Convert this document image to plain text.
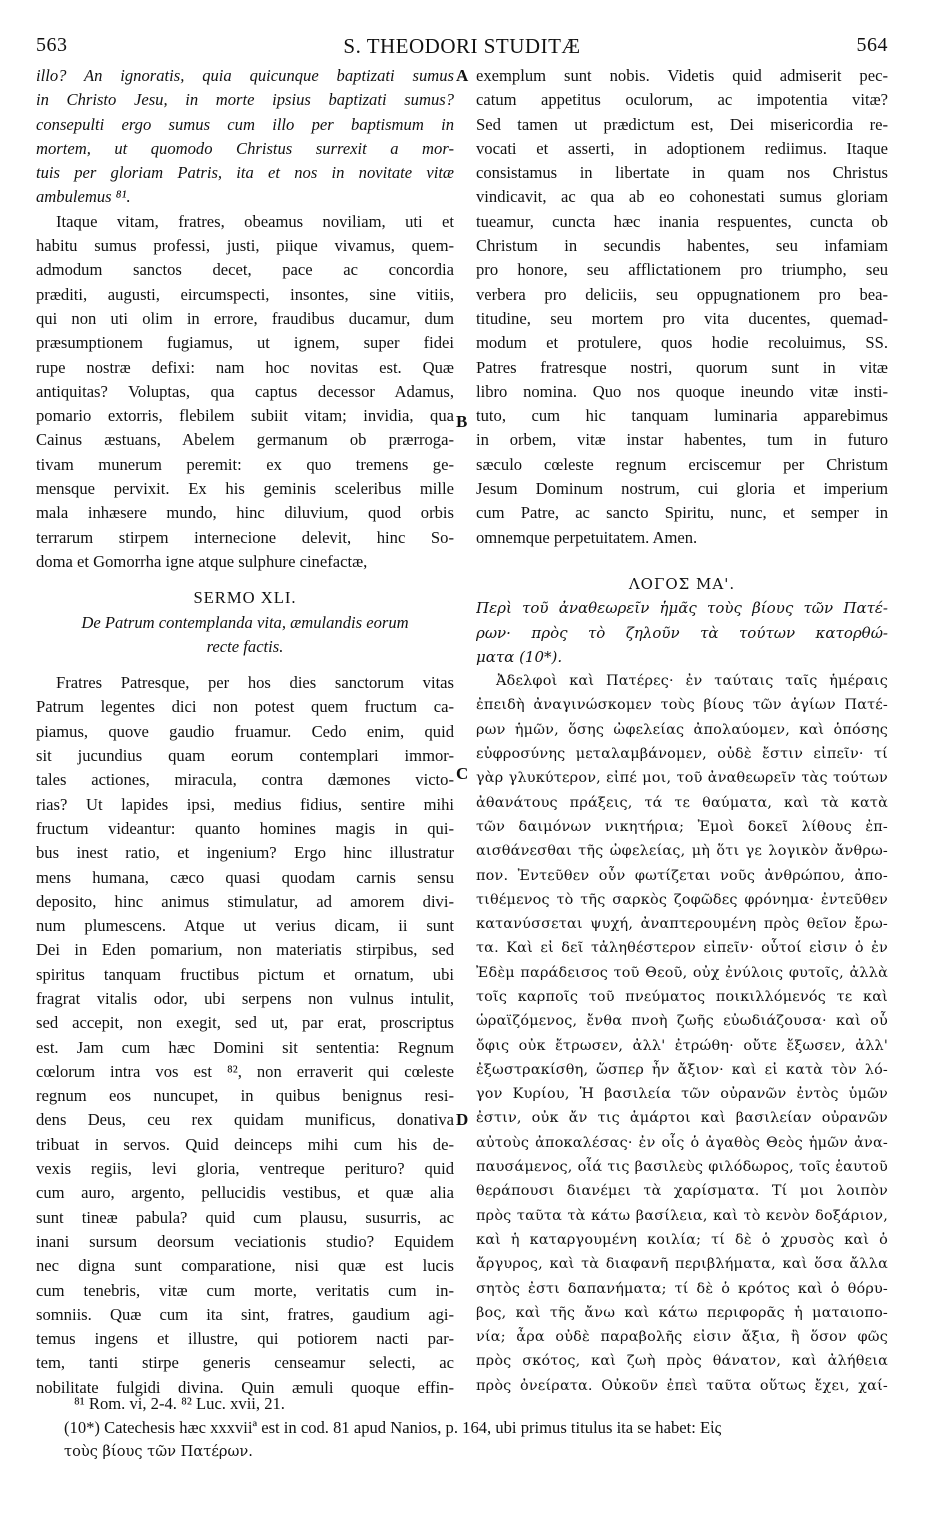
563	S. THEODORI STUDITÆ	564
A
B
C
D
illo? An ignoratis, quia quicunque baptizati sumus
in Christo Jesu, in morte ipsius baptizati sumus?
consepulti ergo sumus cum illo per baptismum in
mortem, ut quomodo Christus surrexit a mor-
tuis per gloriam Patris, ita et nos in novitate vitæ
ambulemus ⁸¹.
Itaque vitam, fratres, obeamus noviliam, uti et
habitu sumus professi, justi, piique vivamus, quem-
admodum sanctos decet, pace ac concordia
præditi, augusti, eircumspecti, insontes, sine vitiis,
qui non uti olim in errore, fraudibus ducamur, dum
præsumptionem fugiamus, ut ignem, super fidei
rupe nostræ defixi: nam hoc novitas est. Quæ
antiquitas? Voluptas, qua captus decessor Adamus,
pomario extorris, flebilem subiit vitam; invidia, qua
Cainus æstuans, Abelem germanum ob prærroga-
tivam munerum peremit: ex quo tremens ge-
mensque pervixit. Ex his geminis sceleribus mille
mala inhæsere mundo, hinc diluvium, quod orbis
terrarum stirpem internecione delevit, hinc So-
doma et Gomorrha igne atque sulphure cinefactæ,
SERMO XLI.
De Patrum contemplanda vita, æmulandis eorum
recte factis.
Fratres Patresque, per hos dies sanctorum vitas
Patrum legentes dici non potest quem fructum ca-
piamus, quove gaudio fruamur. Cedo enim, quid
sit jucundius quam eorum contemplari immor-
tales actiones, miracula, contra dæmones victo-
rias? Ut lapides ipsi, medius fidius, sentire mihi
fructum videantur: quanto homines magis in qui-
bus inest ratio, et ingenium? Ergo hinc illustratur
mens humana, cæco quasi quodam carnis sensu
deposito, hinc animus stimulatur, ad amorem divi-
num plumescens. Atque ut verius dicam, ii sunt
Dei in Eden pomarium, non materiatis stirpibus, sed
spiritus tanquam fructibus pictum et ornatum, ubi
fragrat vitalis odor, ubi serpens non vulnus intulit,
sed accepit, non exegit, sed ut, par erat, proscriptus
est. Jam cum hæc Domini sit sententia: Regnum
cœlorum intra vos est ⁸², non erraverit qui cœleste
regnum eos nuncupet, in quibus benignus resi-
dens Deus, ceu rex quidam munificus, donativa
tribuat in servos. Quid deinceps mihi cum his de-
vexis regiis, levi gloria, ventreque perituro? quid
cum auro, argento, pellucidis vestibus, et quæ alia
sunt tineæ pabula? quid cum plausu, susurris, ac
inani sursum deorsum veciationis studio? Equidem
nec digna sunt comparatione, nisi quæ est lucis
cum tenebris, vitæ cum morte, veritatis cum in-
somniis. Quæ cum ita sint, fratres, gaudium agi-
temus ingens et illustre, qui potiorem nacti par-
tem, tanti stirpe generis censeamur selecti, ac
nobilitate fulgidi divina. Quin æmuli quoque effin-
exemplum sunt nobis. Videtis quid admiserit pec-
catum appetitus oculorum, ac impotentia vitæ?
Sed tamen ut prædictum est, Dei misericordia re-
vocati et asserti, in adoptionem rediimus. Itaque
consistamus in libertate in quam nos Christus
vindicavit, ac qua ab eo cohonestati sumus gloriam
tueamur, cuncta hæc inania respuentes, cuncta ob
Christum in secundis habentes, seu infamiam
pro honore, seu afflictationem pro triumpho, seu
verbera pro deliciis, seu oppugnationem pro bea-
titudine, seu mortem pro vita ducentes, quemad-
modum et protulere, quos hodie recoluimus, SS.
Patres fratresque nostri, quorum sunt in vitæ
libro nomina. Quo nos quoque ineundo vitæ insti-
tuto, cum hic tanquam luminaria apparebimus
in orbem, vitæ instar habentes, tum in futuro
sæculo cœleste regnum erciscemur per Christum
Jesum Dominum nostrum, cui gloria et imperium
cum Patre, ac sancto Spiritu, nunc, et semper in
omnemque perpetuitatem. Amen.
ΛΟΓΟΣ ΜΑ'.
Περὶ τοῦ ἀναθεωρεῖν ἡμᾶς τοὺς βίους τῶν Πατέ-
ρων· πρὸς τὸ ζηλοῦν τὰ τούτων κατορθώ-
ματα (10*).
Ἀδελφοὶ καὶ Πατέρες· ἐν ταύταις ταῖς ἡμέραις
ἐπειδὴ ἀναγινώσκομεν τοὺς βίους τῶν ἁγίων Πατέ-
ρων ἡμῶν, ὅσης ὠφελείας ἀπολαύομεν, καὶ ὁπόσης
εὐφροσύνης μεταλαμβάνομεν, οὐδὲ ἔστιν εἰπεῖν· τί
γὰρ γλυκύτερον, εἰπέ μοι, τοῦ ἀναθεωρεῖν τὰς τούτων
ἀθανάτους πράξεις, τά τε θαύματα, καὶ τὰ κατὰ
τῶν δαιμόνων νικητήρια; Ἐμοὶ δοκεῖ λίθους ἐπ-
αισθάνεσθαι τῆς ὠφελείας, μὴ ὅτι γε λογικὸν ἄνθρω-
πον. Ἐντεῦθεν οὖν φωτίζεται νοῦς ἀνθρώπου, ἀπο-
τιθέμενος τὸ τῆς σαρκὸς ζοφῶδες φρόνημα· ἐντεῦθεν
κατανύσσεται ψυχή, ἀναπτερουμένη πρὸς θεῖον ἔρω-
τα. Καὶ εἰ δεῖ τἀληθέστερον εἰπεῖν· οὗτοί εἰσιν ὁ ἐν
Ἐδὲμ παράδεισος τοῦ Θεοῦ, οὐχ ἐνύλοις φυτοῖς, ἀλλὰ
τοῖς καρποῖς τοῦ πνεύματος ποικιλλόμενός τε καὶ
ὡραϊζόμενος, ἔνθα πνοὴ ζωῆς εὐωδιάζουσα· καὶ οὗ
ὄφις οὐκ ἔτρωσεν, ἀλλ' ἐτρώθη· οὔτε ἔξωσεν, ἀλλ'
ἐξωστρακίσθη, ὥσπερ ἦν ἄξιον· καὶ εἰ κατὰ τὸν λό-
γον Κυρίου, Ἡ βασιλεία τῶν οὐρανῶν ἐντὸς ὑμῶν
ἐστιν, οὐκ ἄν τις ἁμάρτοι καὶ βασιλείαν οὐρανῶν
αὐτοὺς ἀποκαλέσας· ἐν οἷς ὁ ἀγαθὸς Θεὸς ἡμῶν ἀνα-
παυσάμενος, οἷά τις βασιλεὺς φιλόδωρος, τοῖς ἑαυτοῦ
θεράπουσι διανέμει τὰ χαρίσματα. Τί μοι λοιπὸν
πρὸς ταῦτα τὰ κάτω βασίλεια, καὶ τὸ κενὸν δοξάριον,
καὶ ἡ καταργουμένη κοιλία; τί δὲ ὁ χρυσὸς καὶ ὁ
ἄργυρος, καὶ τὰ διαφανῆ περιβλήματα, καὶ ὅσα ἄλλα
σητὸς ἐστι δαπανήματα; τί δὲ ὁ κρότος καὶ ὁ θόρυ-
βος, καὶ τῆς ἄνω καὶ κάτω περιφορᾶς ἡ ματαιοπο-
νία; ἆρα οὐδὲ παραβολῆς εἰσιν ἄξια, ἢ ὅσον φῶς
πρὸς σκότος, καὶ ζωὴ πρὸς θάνατον, καὶ ἀλήθεια
πρὸς ὀνείρατα. Οὐκοῦν ἐπεὶ ταῦτα οὕτως ἔχει, χαί-
⁸¹ Rom. vi, 2-4. ⁸² Luc. xvii, 21.
(10*) Catechesis hæc xxxviiª est in cod. 81 apud Nanios, p. 164, ubi primus titulus ita se habet: Εἰς
τοὺς βίους τῶν Πατέρων.
